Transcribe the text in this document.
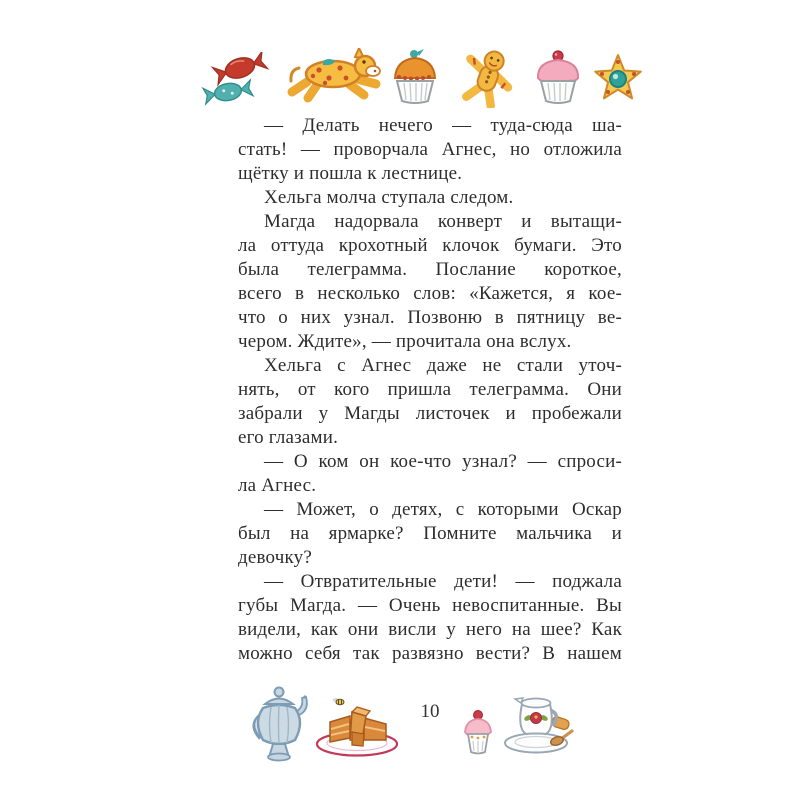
— Делать нечего — туда-сюда ша-
стать! — проворчала Агнес, но отложила
щётку и пошла к лестнице.
Хельга молча ступала следом.
Магда надорвала конверт и вытащи-
ла оттуда крохотный клочок бумаги. Это
была телеграмма. Послание короткое,
всего в несколько слов: «Кажется, я кое-
что о них узнал. Позвоню в пятницу ве-
чером. Ждите», — прочитала она вслух.
Хельга с Агнес даже не стали уточ-
нять, от кого пришла телеграмма. Они
забрали у Магды листочек и пробежали
его глазами.
— О ком он кое-что узнал? — спроси-
ла Агнес.
— Может, о детях, с которыми Оскар
был на ярмарке? Помните мальчика и
девочку?
— Отвратительные дети! — поджала
губы Магда. — Очень невоспитанные. Вы
видели, как они висли у него на шее? Как
можно себя так развязно вести? В нашем
10
